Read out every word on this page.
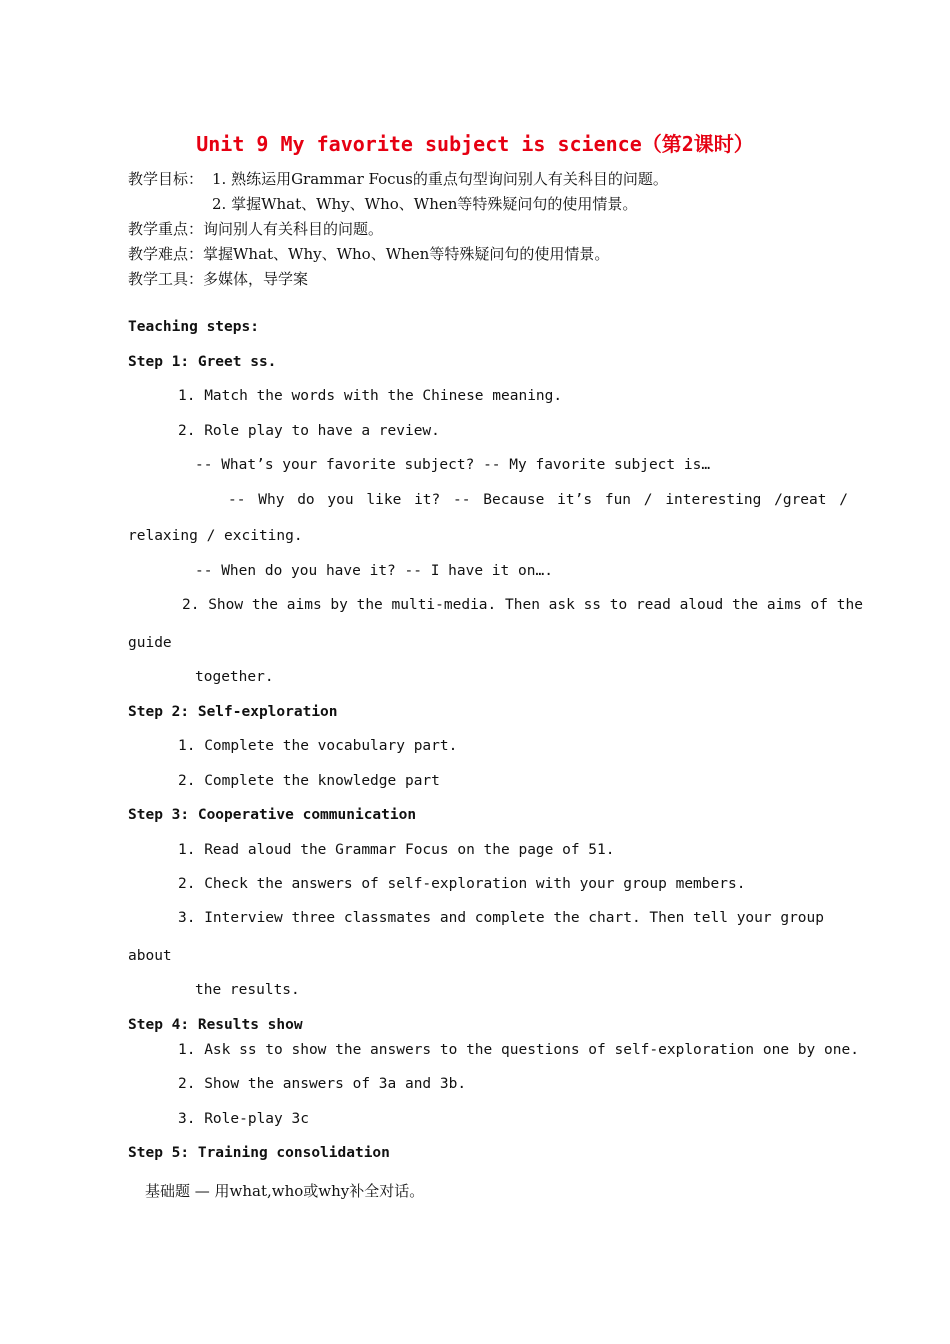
Unit 9 My favorite subject is science（第2课时）
教学目标： 1. 熟练运用Grammar Focus的重点句型询问别人有关科目的问题。
2. 掌握What、Why、Who、When等特殊疑问句的使用情景。
教学重点：询问别人有关科目的问题。
教学难点：掌握What、Why、Who、When等特殊疑问句的使用情景。
教学工具：多媒体，导学案
Teaching steps:
Step 1: Greet ss.
1. Match the words with the Chinese meaning.
2. Role play to have a review.
-- What’s your favorite subject? -- My favorite subject is…
-- Why do you like it? -- Because it’s fun / interesting /great /
relaxing / exciting.
-- When do you have it? -- I have it on….
2. Show the aims by the multi-media. Then ask ss to read aloud the aims of the
guide
together.
Step 2: Self-exploration
1. Complete the vocabulary part.
2. Complete the knowledge part
Step 3: Cooperative communication
1. Read aloud the Grammar Focus on the page of 51.
2. Check the answers of self-exploration with your group members.
3. Interview three classmates and complete the chart. Then tell your group
about
the results.
Step 4: Results show
1. Ask ss to show the answers to the questions of self-exploration one by one.
2. Show the answers of 3a and 3b.
3. Role-play 3c
Step 5: Training consolidation
基础题 — 用what,who或why补全对话。
